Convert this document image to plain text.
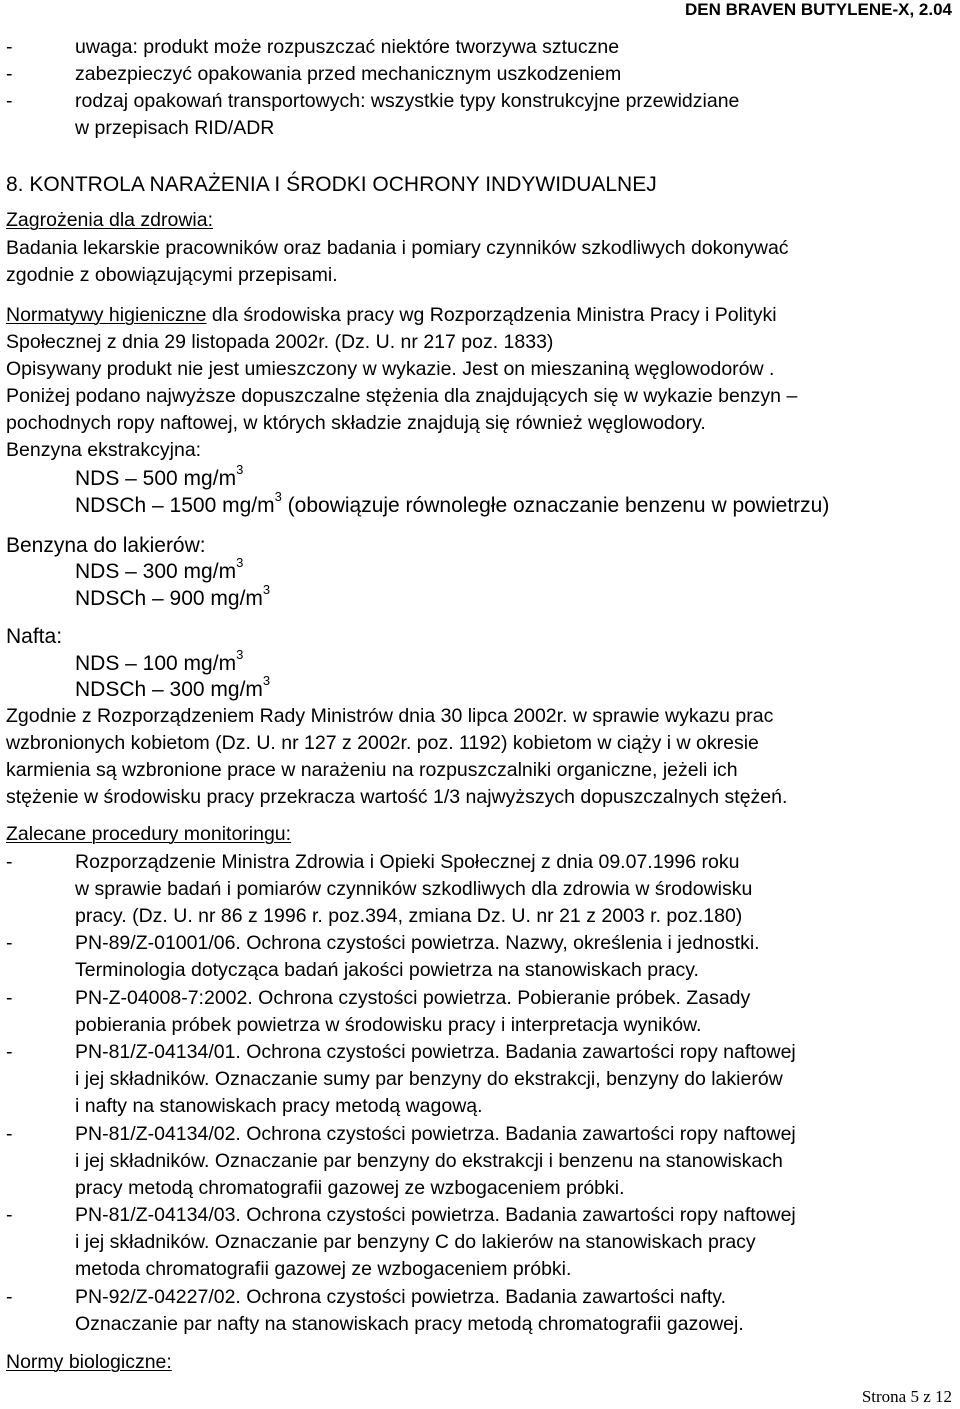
DEN BRAVEN BUTYLENE-X, 2.04
-	uwaga: produkt może rozpuszczać niektóre tworzywa sztuczne
-	zabezpieczyć opakowania przed mechanicznym uszkodzeniem
-	rodzaj opakowań transportowych: wszystkie typy konstrukcyjne przewidziane
w przepisach RID/ADR
8. KONTROLA NARAŻENIA I ŚRODKI OCHRONY INDYWIDUALNEJ
Zagrożenia dla zdrowia:
Badania lekarskie pracowników oraz badania i pomiary czynników szkodliwych dokonywać
zgodnie z obowiązującymi przepisami.
Normatywy higieniczne dla środowiska pracy wg Rozporządzenia Ministra Pracy i Polityki
Społecznej z dnia 29 listopada 2002r. (Dz. U. nr 217 poz. 1833)
Opisywany produkt nie jest umieszczony w wykazie. Jest on mieszaniną węglowodorów .
Poniżej podano najwyższe dopuszczalne stężenia dla znajdujących się w wykazie benzyn –
pochodnych ropy naftowej, w których składzie znajdują się również węglowodory.
Benzyna ekstrakcyjna:
NDS – 500 $mg/m^3$
NDSCh – 1500 $mg/m^3$ (obowiązuje równoległe oznaczanie benzenu w powietrzu)
Benzyna do lakierów:
NDS – 300 $mg/m^3$
NDSCh – 900 $mg/m^3$
Nafta:
NDS – 100 $mg/m^3$
NDSCh – 300 $mg/m^3$
Zgodnie z Rozporządzeniem Rady Ministrów dnia 30 lipca 2002r. w sprawie wykazu prac
wzbronionych kobietom (Dz. U. nr 127 z 2002r. poz. 1192) kobietom w ciąży i w okresie
karmienia są wzbronione prace w narażeniu na rozpuszczalniki organiczne, jeżeli ich
stężenie w środowisku pracy przekracza wartość 1/3 najwyższych dopuszczalnych stężeń.
Zalecane procedury monitoringu:
-	Rozporządzenie Ministra Zdrowia i Opieki Społecznej z dnia 09.07.1996 roku
w sprawie badań i pomiarów czynników szkodliwych dla zdrowia w środowisku
pracy. (Dz. U. nr 86 z 1996 r. poz.394, zmiana Dz. U. nr 21 z 2003 r. poz.180)
-	PN-89/Z-01001/06. Ochrona czystości powietrza. Nazwy, określenia i jednostki.
Terminologia dotycząca badań jakości powietrza na stanowiskach pracy.
-	PN-Z-04008-7:2002. Ochrona czystości powietrza. Pobieranie próbek. Zasady
pobierania próbek powietrza w środowisku pracy i interpretacja wyników.
-	PN-81/Z-04134/01. Ochrona czystości powietrza. Badania zawartości ropy naftowej
i jej składników. Oznaczanie sumy par benzyny do ekstrakcji, benzyny do lakierów
i nafty na stanowiskach pracy metodą wagową.
-	PN-81/Z-04134/02. Ochrona czystości powietrza. Badania zawartości ropy naftowej
i jej składników. Oznaczanie par benzyny do ekstrakcji i benzenu na stanowiskach
pracy metodą chromatografii gazowej ze wzbogaceniem próbki.
-	PN-81/Z-04134/03. Ochrona czystości powietrza. Badania zawartości ropy naftowej
i jej składników. Oznaczanie par benzyny C do lakierów na stanowiskach pracy
metoda chromatografii gazowej ze wzbogaceniem próbki.
-	PN-92/Z-04227/02. Ochrona czystości powietrza. Badania zawartości nafty.
Oznaczanie par nafty na stanowiskach pracy metodą chromatografii gazowej.
Normy biologiczne:
Strona 5 z 12
